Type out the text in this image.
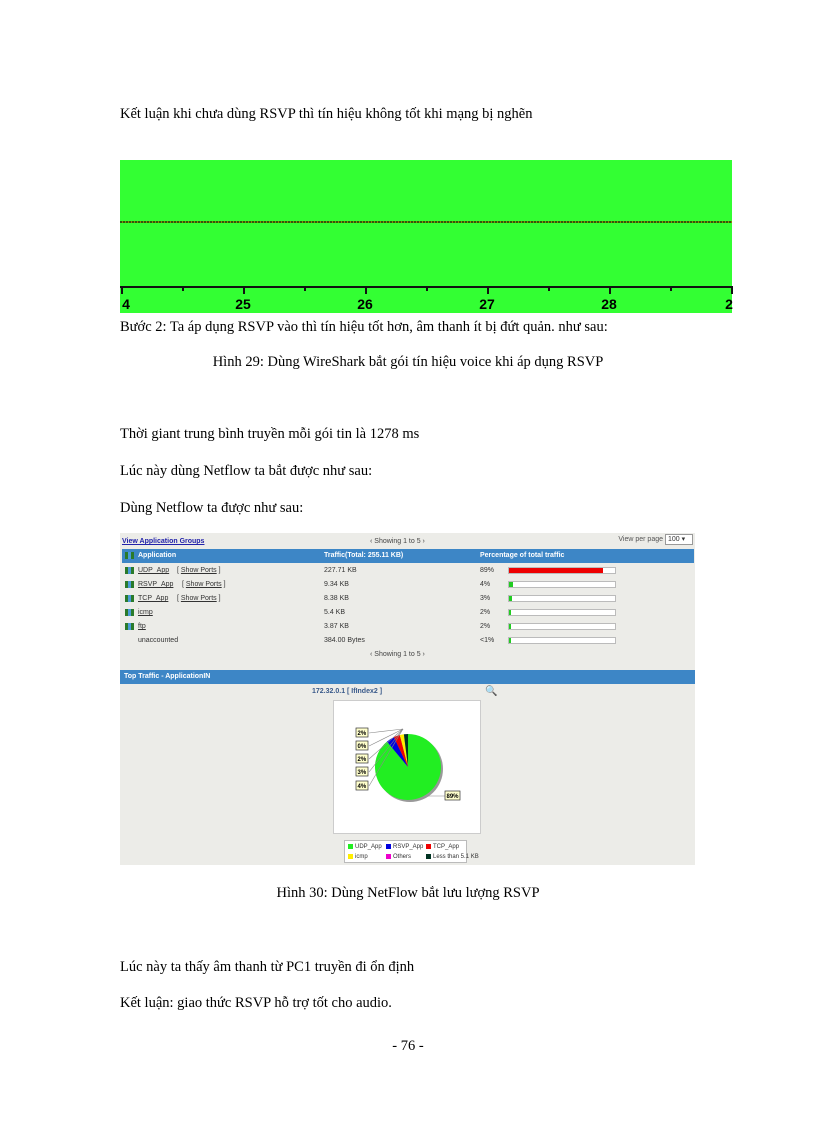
Kết luận khi chưa dùng RSVP thì tín hiệu không tốt khi mạng bị nghẽn
4	25	26	27	28	2
Bước 2: Ta áp dụng RSVP vào thì tín hiệu tốt hơn, âm thanh ít bị đứt quản. như sau:
Hình 29: Dùng WireShark bắt gói tín hiệu voice khi áp dụng RSVP
Thời giant trung bình truyền mỗi gói tin là 1278 ms
Lúc này dùng Netflow ta bắt được như sau:
Dùng Netflow ta được như sau:
View Application Groups	‹ Showing 1 to 5 ›	View per page 100 ▾
Application	Traffic(Total: 255.11 KB)	Percentage of total traffic
UDP_App [ Show Ports ]	227.71 KB	89%
RSVP_App [ Show Ports ]	9.34 KB	4%
TCP_App [ Show Ports ]	8.38 KB	3%
icmp	5.4 KB	2%
ftp	3.87 KB	2%
unaccounted	384.00 Bytes	<1%
‹ Showing 1 to 5 ›
Top Traffic - ApplicationIN
172.32.0.1 [ IfIndex2 ]	🔍
2%
0%
2%
3%
4%
89%
UDP_App	RSVP_App	TCP_App
icmp	Others	Less than 5.1 KB
Hình 30: Dùng NetFlow bắt lưu lượng RSVP
Lúc này ta thấy âm thanh từ PC1 truyền đi ổn định
Kết luận: giao thức RSVP hỗ trợ tốt cho audio.
- 76 -
